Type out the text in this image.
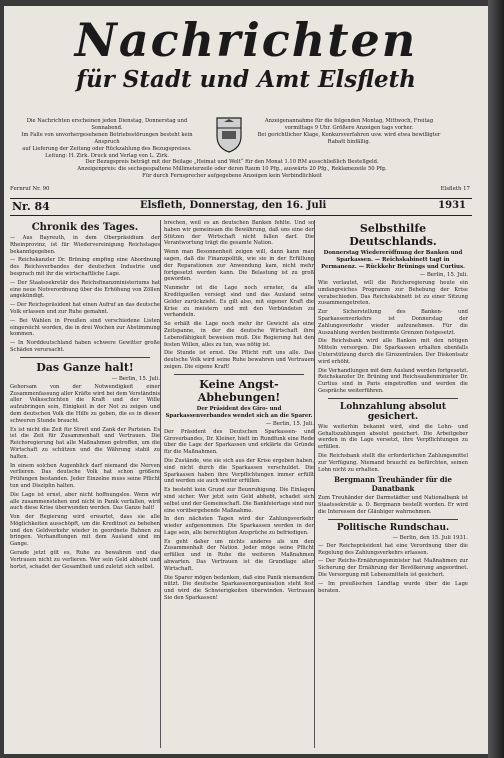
Nachrichten
für Stadt und Amt Elsfleth
Die Nachrichten erscheinen jeden Dienstag, Donnerstag und Sonnabend.
Im Falle von unvorhergesehenen Betriebsstörungen besteht kein Anspruch
auf Lieferung der Zeitung oder Rückzahlung des Bezugspreises.
Leitung: H. Zirk. Druck und Verlag von L. Zirk.
Anzeigenannahme für die folgenden Montag, Mittwoch, Freitag vormittags 9 Uhr. Größere Anzeigen tags vorher.
Bei gerichtlicher Klage, Konkursverfahren usw. wird etwa bewilligter Rabatt hinfällig.
Der Bezugspreis beträgt mit der Beilage „Heimat und Welt“ für den Monat 1.10 RM ausschließlich Bestellgeld.
Anzeigenpreis: die sechsgespaltene Millimeterzeile oder deren Raum 10 Pfg., auswärts 20 Pfg., Reklamezeile 50 Pfg.
Für durch Fernsprecher aufgegebene Anzeigen kein Verbindlichkeit
Fernruf Nr. 90	Elsfleth 17
Nr. 84	Elsfleth, Donnerstag, den 16. Juli	1931
Chronik des Tages.

— Aus Bayreuth, in dem Oberpräsidium der Rheinprovinz, ist für Wiedervereinigung Reichstages bekanntgegeben.

— Reichskanzler Dr. Brüning empfing eine Abordnung des Reichsverbandes der deutschen Industrie und besprach mit ihr die wirtschaftliche Lage.

— Der Staatssekretär des Reichsfinanzministeriums hat eine neue Notverordnung über die Erhöhung von Zöllen angekündigt.

— Der Reichspräsident hat einen Aufruf an das deutsche Volk erlassen und zur Ruhe gemahnt.

— Bei Wahlen in Preußen sind verschiedene Listen eingereicht worden, die in drei Wochen zur Abstimmung kommen.

— In Norddeutschland haben schwere Gewitter große Schäden verursacht.

Das Ganze halt!
— Berlin, 15. Juli.

Gehorsam von der Notwendigkeit einer Zusammenfassung aller Kräfte wird bei dem Verständnis aller Volksschichten die Kraft und der Wille aufzubringen sein, Einigkeit in der Not zu zeigen und dem deutschen Volk die Hilfe zu geben, die es in dieser schweren Stunde braucht.

Es ist nicht die Zeit für Streit und Zank der Parteien. Es ist die Zeit für Zusammenhalt und Vertrauen. Die Reichsregierung hat alle Maßnahmen getroffen, um die Wirtschaft zu schützen und die Währung stabil zu halten.

In einem solchen Augenblick darf niemand die Nerven verlieren. Das deutsche Volk hat schon größere Prüfungen bestanden. Jeder Einzelne muss seine Pflicht tun und Disziplin halten.

Die Lage ist ernst, aber nicht hoffnungslos. Wenn wir alle zusammenstehen und nicht in Panik verfallen, wird auch diese Krise überwunden werden. Das Ganze halt!

Von der Regierung wird erwartet, dass sie alle Möglichkeiten ausschöpft, um die Kreditnot zu beheben und den Geldverkehr wieder in geordnete Bahnen zu bringen. Verhandlungen mit dem Ausland sind im Gange.

Gerade jetzt gilt es, Ruhe zu bewahren und das Vertrauen nicht zu verlieren. Wer sein Geld abhebt und hortet, schadet der Gesamtheit und zuletzt sich selbst.

brechen, weil es an deutschen Banken fehlte. Und so haben wir gemeinsam die Bewährung, daß uns eine der Stützen der Wirtschaft nicht fallen darf. Die Verantwortung trägt die gesamte Nation.

Wenn man Besonnenheit zeigen will, dann kann man sagen, daß die Finanzpolitik, wie sie in der Erfüllung der Reparationen zur Anwendung kam, nicht mehr fortgesetzt werden kann. Die Belastung ist zu groß geworden.

Nunmehr ist die Lage noch ernster, da alle Kreditquellen versiegt sind und das Ausland seine Gelder zurückzieht. Es gilt also, mit eigener Kraft die Krise zu meistern und mit den Verbündeten zu verhandeln.

So erhält die Lage noch mehr ihr Gewicht als eine Zeitspanne, in der die deutsche Wirtschaft ihre Lebensfähigkeit beweisen muß. Die Regierung hat den festen Willen, alles zu tun, was nötig ist.

Die Stunde ist ernst. Die Pflicht ruft uns alle. Das deutsche Volk wird seine Ruhe bewahren und Vertrauen zeigen. Die eigene Kraft!

Keine Angst-Abhebungen!
Der Präsident des Giro- und Sparkassenverbandes wendet sich an die Sparer.
— Berlin, 15. Juli.

Der Präsident des Deutschen Sparkassen- und Giroverbandes, Dr. Kleiner, hielt im Rundfunk eine Rede über die Lage der Sparkassen und erklärte die Gründe für die Maßnahmen.

Die Zustände, wie sie sich aus der Krise ergeben haben, sind nicht durch die Sparkassen verschuldet. Die Sparkassen haben ihre Verpflichtungen immer erfüllt und werden sie auch weiter erfüllen.

Es besteht kein Grund zur Beunruhigung. Die Einlagen sind sicher. Wer jetzt sein Geld abhebt, schadet sich selbst und der Gemeinschaft. Die Bankfeiertage sind nur eine vorübergehende Maßnahme.

In den nächsten Tagen wird der Zahlungsverkehr wieder aufgenommen. Die Sparkassen werden in der Lage sein, alle berechtigten Ansprüche zu befriedigen.

Es geht daher um nichts anderes als um den Zusammenhalt der Nation. Jeder möge seine Pflicht erfüllen und in Ruhe die weiteren Maßnahmen abwarten. Das Vertrauen ist die Grundlage aller Wirtschaft.

Die Sparer mögen bedenken, daß eine Panik niemandem nützt. Die deutsche Sparkassenorganisation steht fest und wird die Schwierigkeiten überwinden. Vertrauen Sie den Sparkassen!

Selbsthilfe Deutschlands.
Donnerstag Wiedereröffnung der Banken und Sparkassen. — Reichskabinett tagt in Permanenz. — Rückkehr Brünings und Curtius.
— Berlin, 15. Juli.

Wie verlautet, will die Reichsregierung heute ein umfangreiches Programm zur Behebung der Krise verabschieden. Das Reichskabinett ist zu einer Sitzung zusammengetreten.

Zur Sicherstellung des Banken- und Sparkassenverkehrs ist Donnerstag der Zahlungsverkehr wieder aufzunehmen. Für die Auszahlung werden bestimmte Grenzen festgesetzt.

Die Reichsbank wird alle Banken mit den nötigen Mitteln versorgen. Die Sparkassen erhalten ebenfalls Unterstützung durch die Girozentralen. Der Diskontsatz wird erhöht.

Die Verhandlungen mit dem Ausland werden fortgesetzt. Reichskanzler Dr. Brüning und Reichsaußenminister Dr. Curtius sind in Paris eingetroffen und werden die Gespräche weiterführen.

Lohnzahlung absolut gesichert.

Wie weiterhin bekannt wird, sind die Lohn- und Gehaltszahlungen absolut gesichert. Die Arbeitgeber werden in die Lage versetzt, ihre Verpflichtungen zu erfüllen.

Die Reichsbank stellt die erforderlichen Zahlungsmittel zur Verfügung. Niemand braucht zu befürchten, seinen Lohn nicht zu erhalten.

Bergmann Treuhänder für die Danatbank

Zum Treuhänder der Darmstädter und Nationalbank ist Staatssekretär a. D. Bergmann bestellt worden. Er wird die Interessen der Gläubiger wahrnehmen.

Politische Rundschau.
— Berlin, den 15. Juli 1931.

— Der Reichspräsident hat eine Verordnung über die Regelung des Zahlungsverkehrs erlassen.

— Der Reichs-Ernährungsminister hat Maßnahmen zur Sicherung der Ernährung der Bevölkerung angeordnet. Die Versorgung mit Lebensmitteln ist gesichert.

— Im preußischen Landtag wurde über die Lage beraten.
